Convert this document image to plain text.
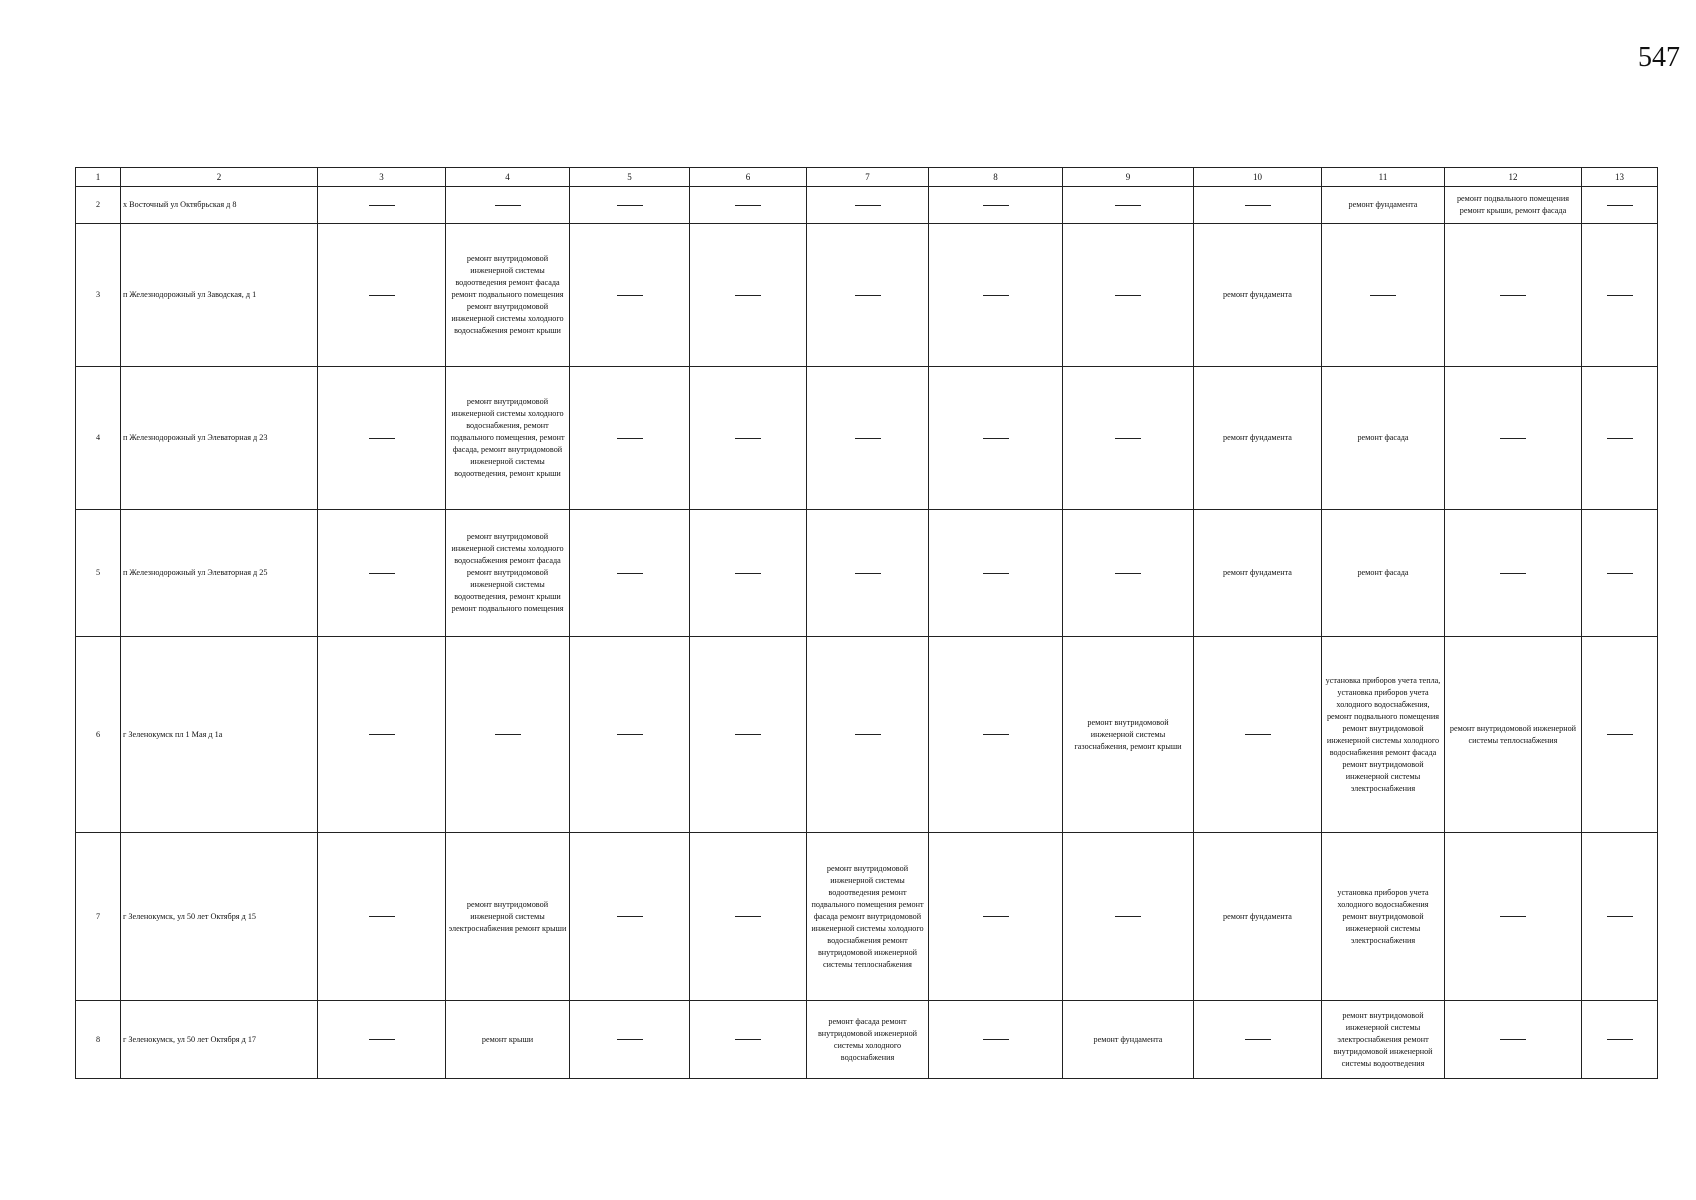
547
1	2	3	4	5	6	7	8	9	10	11	12	13
2	х Восточный ул Октябрьская д 8									ремонт фундамента	ремонт подвального помещения ремонт крыши, ремонт фасада	
3	п Железнодорожный ул Заводская, д 1		ремонт внутридомовой инженерной системы водоотведения ремонт фасада ремонт подвального помещения ремонт внутридомовой инженерной системы холодного водоснабжения ремонт крыши						ремонт фундамента			
4	п Железнодорожный ул Элеваторная д 23		ремонт внутридомовой инженерной системы холодного водоснабжения, ремонт подвального помещения, ремонт фасада, ремонт внутридомовой инженерной системы водоотведения, ремонт крыши						ремонт фундамента	ремонт фасада		
5	п Железнодорожный ул Элеваторная д 25		ремонт внутридомовой инженерной системы холодного водоснабжения ремонт фасада ремонт внутридомовой инженерной системы водоотведения, ремонт крыши ремонт подвального помещения						ремонт фундамента	ремонт фасада		
6	г Зеленокумск пл 1 Мая д 1а							ремонт внутридомовой инженерной системы газоснабжения, ремонт крыши		установка приборов учета тепла, установка приборов учета холодного водоснабжения, ремонт подвального помещения ремонт внутридомовой инженерной системы холодного водоснабжения ремонт фасада ремонт внутридомовой инженерной системы электроснабжения	ремонт внутридомовой инженерной системы теплоснабжения	
7	г Зеленокумск, ул 50 лет Октября д 15		ремонт внутридомовой инженерной системы электроснабжения ремонт крыши			ремонт внутридомовой инженерной системы водоотведения ремонт подвального помещения ремонт фасада ремонт внутридомовой инженерной системы холодного водоснабжения ремонт внутридомовой инженерной системы теплоснабжения			ремонт фундамента	установка приборов учета холодного водоснабжения ремонт внутридомовой инженерной системы электроснабжения		
8	г Зеленокумск, ул 50 лет Октября д 17		ремонт крыши			ремонт фасада ремонт внутридомовой инженерной системы холодного водоснабжения		ремонт фундамента		ремонт внутридомовой инженерной системы электроснабжения ремонт внутридомовой инженерной системы водоотведения		
